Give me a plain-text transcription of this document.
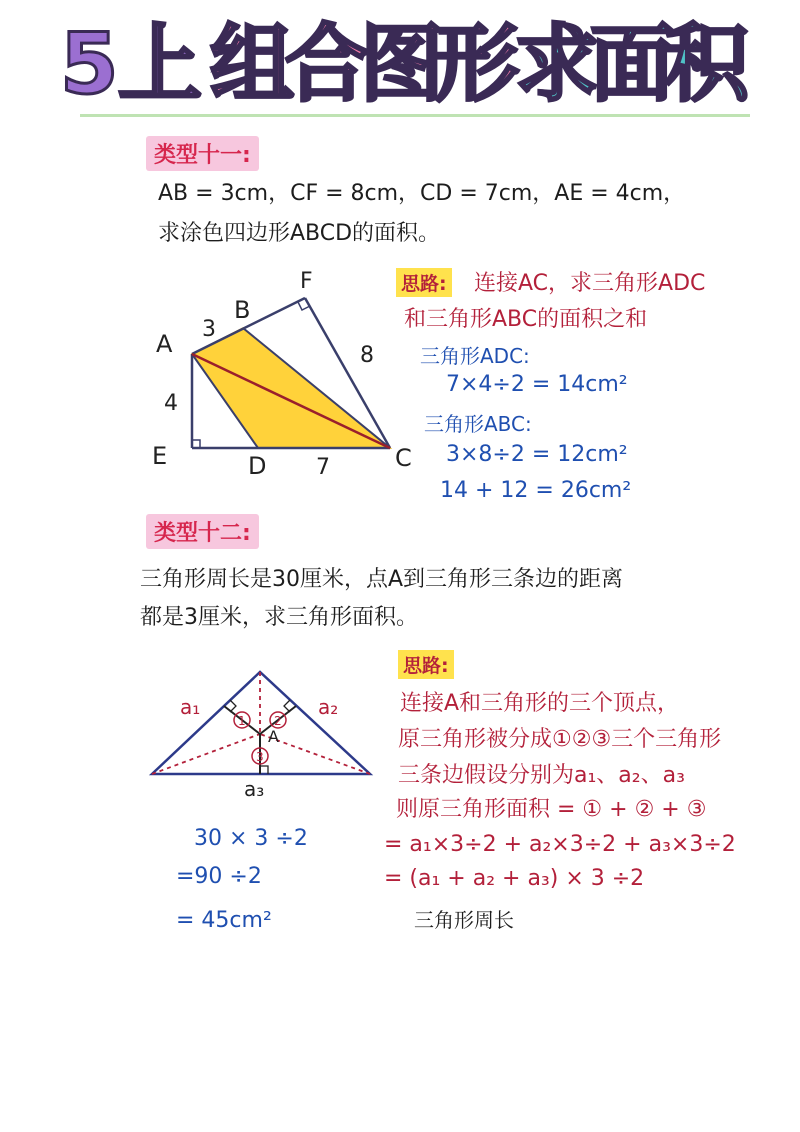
5 上 组
合
图
形
求
面
积
类型十一:
AB = 3cm，CF = 8cm，CD = 7cm，AE = 4cm，
求涂色四边形ABCD的面积。
A
B
F
C
D
E
3
8
4
7
思路: 连接AC，求三角形ADC
和三角形ABC的面积之和
三角形ADC:
7×4÷2 = 14cm²
三角形ABC:
3×8÷2 = 12cm²
14 + 12 = 26cm²
类型十二:
三角形周长是30厘米，点A到三角形三条边的距离
都是3厘米，求三角形面积。
1 2
3
A
a₁	a₂
a₃
思路:
连接A和三角形的三个顶点，
原三角形被分成①②③三个三角形
三条边假设分别为a₁、a₂、a₃
则原三角形面积 = ① + ② + ③
= a₁×3÷2 + a₂×3÷2 + a₃×3÷2
= (a₁ + a₂ + a₃) × 3 ÷2
三角形周长
30 × 3 ÷2
=90 ÷2
= 45cm²
